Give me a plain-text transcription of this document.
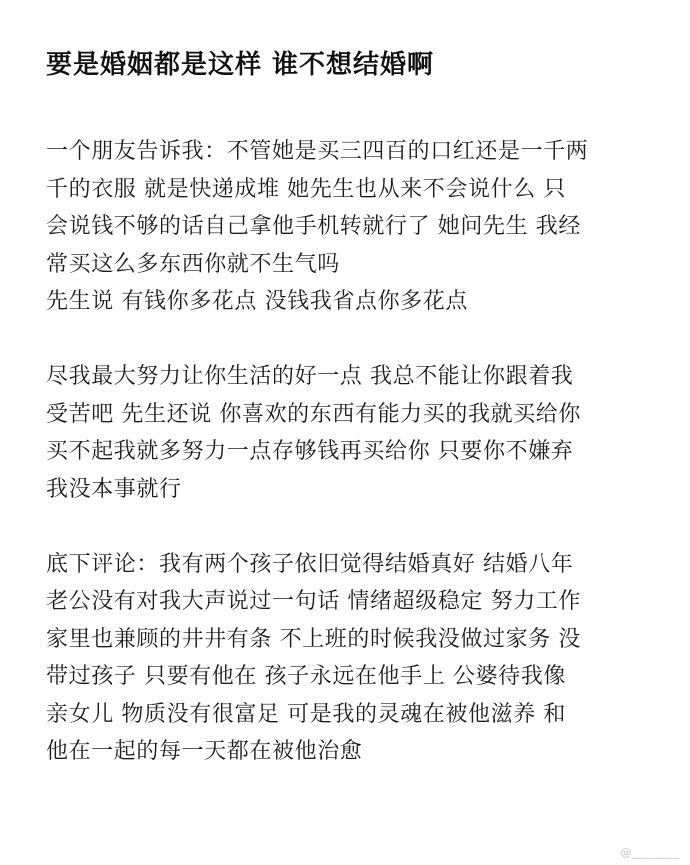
要是婚姻都是这样 谁不想结婚啊
一个朋友告诉我：不管她是买三四百的口红还是一千两
千的衣服 就是快递成堆 她先生也从来不会说什么 只
会说钱不够的话自己拿他手机转就行了 她问先生 我经
常买这么多东西你就不生气吗
先生说 有钱你多花点 没钱我省点你多花点
尽我最大努力让你生活的好一点 我总不能让你跟着我
受苦吧 先生还说 你喜欢的东西有能力买的我就买给你
买不起我就多努力一点存够钱再买给你 只要你不嫌弃
我没本事就行
底下评论：我有两个孩子依旧觉得结婚真好 结婚八年
老公没有对我大声说过一句话 情绪超级稳定 努力工作
家里也兼顾的井井有条 不上班的时候我没做过家务 没
带过孩子 只要有他在 孩子永远在他手上 公婆待我像
亲女儿 物质没有很富足 可是我的灵魂在被他滋养 和
他在一起的每一天都在被他治愈
@________
